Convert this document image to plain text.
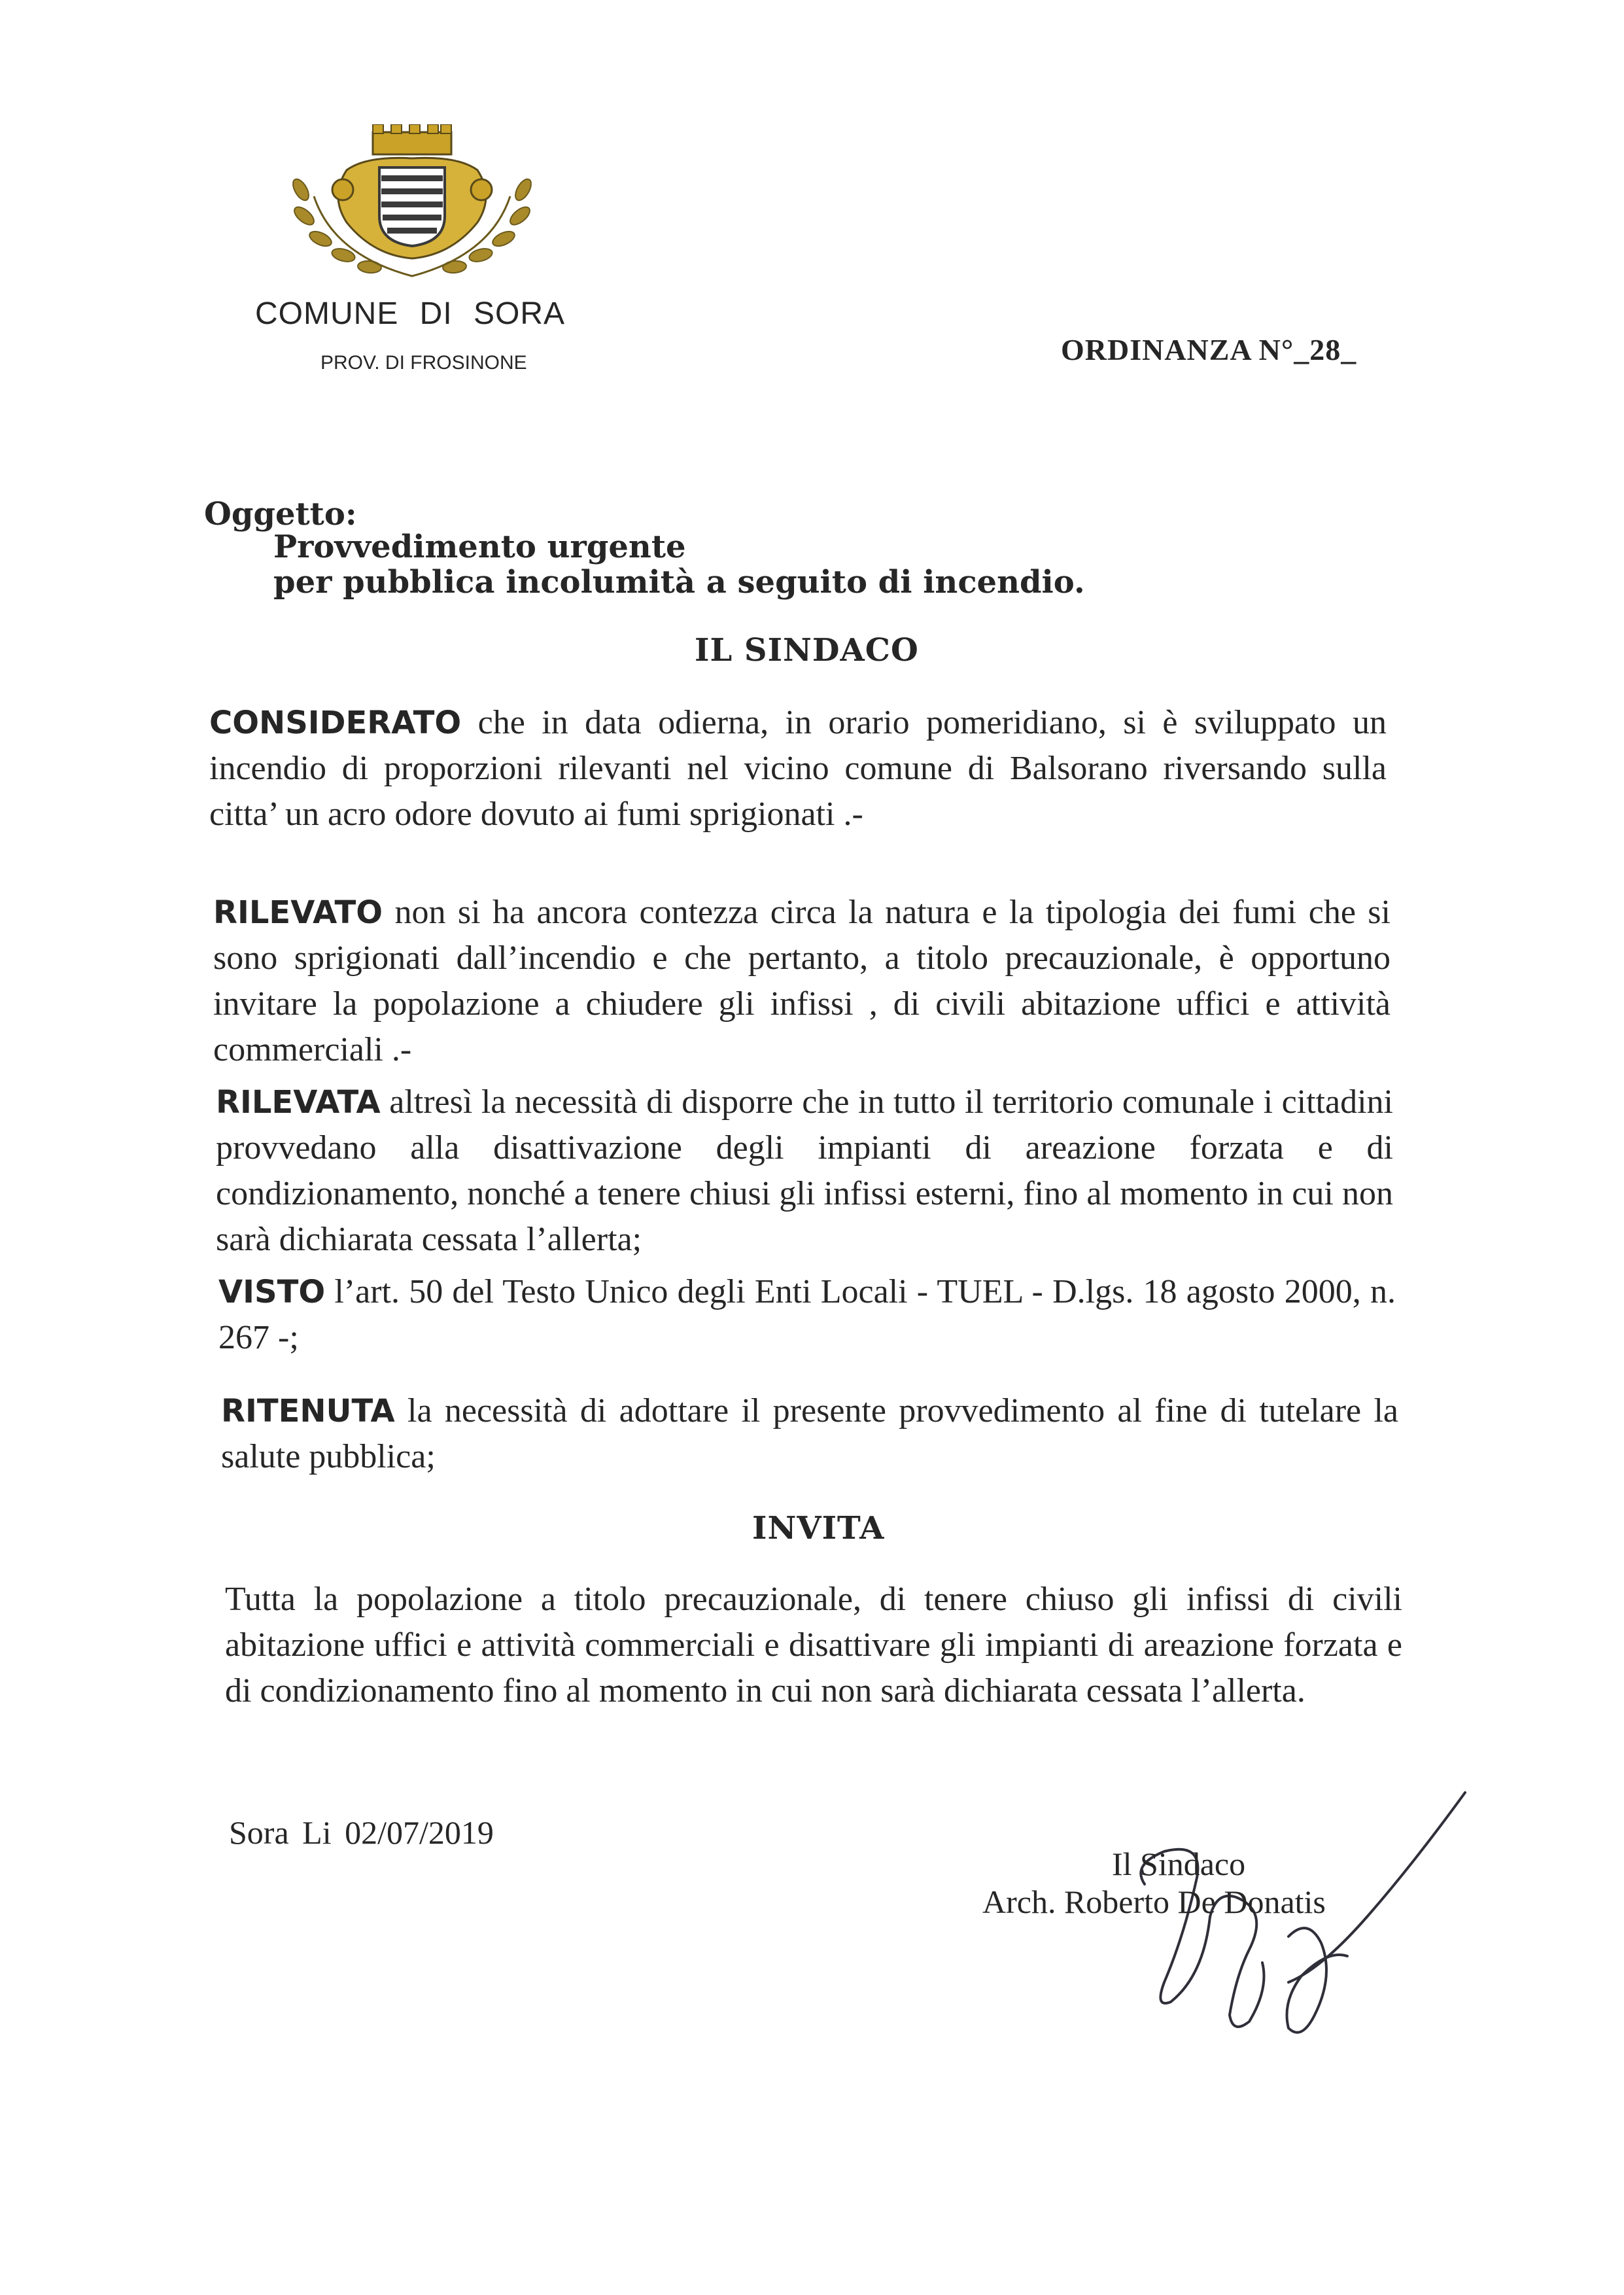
COMUNE DI SORA
PROV. DI FROSINONE	ORDINANZA N°_28_
Oggetto:
Provvedimento urgente
per pubblica incolumità a seguito di incendio.
IL SINDACO
CONSIDERATO che in data odierna, in orario pomeridiano, si è sviluppato un incendio di proporzioni rilevanti nel vicino comune di Balsorano riversando sulla citta’ un acro odore dovuto ai fumi sprigionati .-
RILEVATO non si ha ancora contezza circa la natura e la tipologia dei fumi che si sono sprigionati dall’incendio e che pertanto, a titolo precauzionale, è opportuno invitare la popolazione a chiudere gli infissi , di civili abitazione uffici e attività commerciali .-
RILEVATA altresì la necessità di disporre che in tutto il territorio comunale i cittadini provvedano alla disattivazione degli impianti di areazione forzata e di condizionamento, nonché a tenere chiusi gli infissi esterni, fino al momento in cui non sarà dichiarata cessata l’allerta;
VISTO l’art. 50 del Testo Unico degli Enti Locali - TUEL - D.lgs. 18 agosto 2000, n. 267 -;
RITENUTA la necessità di adottare il presente provvedimento al fine di tutelare la salute pubblica;
INVITA
Tutta la popolazione a titolo precauzionale, di tenere chiuso gli infissi di civili abitazione uffici e attività commerciali e disattivare gli impianti di areazione forzata e di condizionamento fino al momento in cui non sarà dichiarata cessata l’allerta.
Sora Li 02/07/2019
Il Sindaco
Arch. Roberto De Donatis
